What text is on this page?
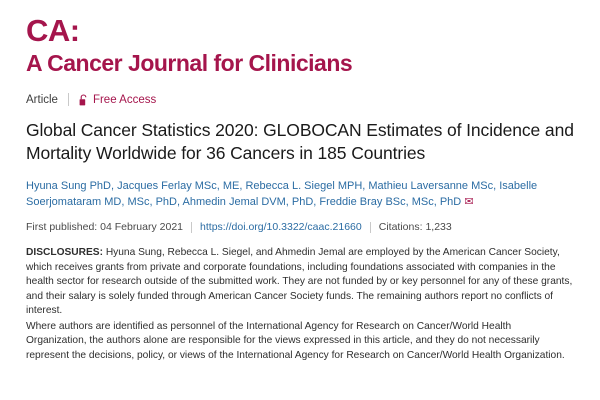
CA:
A Cancer Journal for Clinicians
Article	Free Access
Global Cancer Statistics 2020: GLOBOCAN Estimates of Incidence and Mortality Worldwide for 36 Cancers in 185 Countries
Hyuna Sung PhD, Jacques Ferlay MSc, ME, Rebecca L. Siegel MPH, Mathieu Laversanne MSc, Isabelle Soerjomataram MD, MSc, PhD, Ahmedin Jemal DVM, PhD, Freddie Bray BSc, MSc, PhD ✉
First published:
04 February 2021 https://doi.org/10.3322/caac.21660 Citations:
1,233

DISCLOSURES: Hyuna Sung, Rebecca L. Siegel, and Ahmedin Jemal are employed by the American Cancer Society, which receives grants from private and corporate foundations, including foundations associated with companies in the health sector for research outside of the submitted work. They are not funded by or key personnel for any of these grants, and their salary is solely funded through American Cancer Society funds. The remaining authors report no conflicts of interest.

Where authors are identified as personnel of the International Agency for Research on Cancer/World Health Organization, the authors alone are responsible for the views expressed in this article, and they do not necessarily represent the decisions, policy, or views of the International Agency for Research on Cancer/World Health Organization.
